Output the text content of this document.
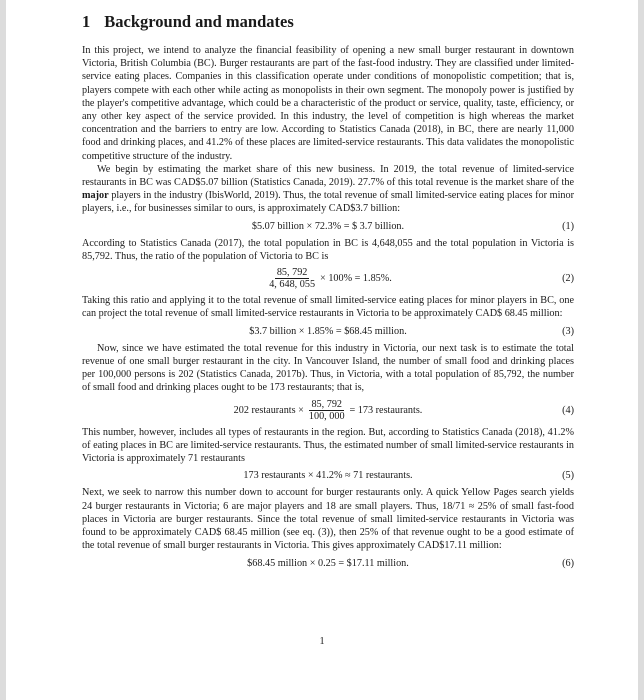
1 Background and mandates

In this project, we intend to analyze the financial feasibility of opening a new small burger restaurant in downtown Victoria, British Columbia (BC). Burger restaurants are part of the fast-food industry. They are classified under limited-service eating places. Companies in this classification operate under conditions of monopolistic competition; that is, players compete with each other while acting as monopolists in their own segment. The monopoly power is justified by the player's competitive advantage, which could be a characteristic of the product or service, quality, taste, efficiency, or any other key aspect of the service provided. In this industry, the level of competition is high whereas the market concentration and the barriers to entry are low. According to Statistics Canada (2018), in BC, there are nearly 11,000 food and drinking places, and 41.2% of these places are limited-service restaurants. This data validates the monopolistic competitive structure of the industry.

We begin by estimating the market share of this new business. In 2019, the total revenue of limited-service restaurants in BC was CAD$5.07 billion (Statistics Canada, 2019). 27.7% of this total revenue is the market share of the major players in the industry (IbisWorld, 2019). Thus, the total revenue of small limited-service eating places for minor players, i.e., for businesses similar to ours, is approximately CAD$3.7 billion:

$5.07 billion × 72.3% = $ 3.7 billion.	(1)

According to Statistics Canada (2017), the total population in BC is 4,648,055 and the total population in Victoria is 85,792. Thus, the ratio of the population of Victoria to BC is

$\frac{85, 792}{4, 648, 055} \times 100\% = 1.85\%$.	(2)

Taking this ratio and applying it to the total revenue of small limited-service eating places for minor players in BC, one can project the total revenue of small limited-service restaurants in Victoria to be approximately CAD$ 68.45 million:

$3.7 billion × 1.85% = $68.45 million.	(3)

Now, since we have estimated the total revenue for this industry in Victoria, our next task is to estimate the total revenue of one small burger restaurant in the city. In Vancouver Island, the number of small food and drinking places per 100,000 persons is 202 (Statistics Canada, 2017b). Thus, in Victoria, with a total population of 85,792, the number of small food and drinking places ought to be 173 restaurants; that is,

202 restaurants × $\frac{85, 792}{100, 000} = 173$ restaurants.	(4)

This number, however, includes all types of restaurants in the region. But, according to Statistics Canada (2018), 41.2% of eating places in BC are limited-service restaurants. Thus, the estimated number of small limited-service restaurants in Victoria is approximately 71 restaurants

173 restaurants × 41.2% ≈ 71 restaurants.	(5)

Next, we seek to narrow this number down to account for burger restaurants only. A quick Yellow Pages search yields 24 burger restaurants in Victoria; 6 are major players and 18 are small players. Thus, 18/71 ≈ 25% of small fast-food places in Victoria are burger restaurants. Since the total revenue of small limited-service restaurants in Victoria was found to be approximately CAD$ 68.45 million (see eq. (3)), then 25% of that revenue ought to be a good estimate of the total revenue of small burger restaurants in Victoria. This gives approximately CAD$17.11 million:

$68.45 million × 0.25 = $17.11 million.	(6)
1
